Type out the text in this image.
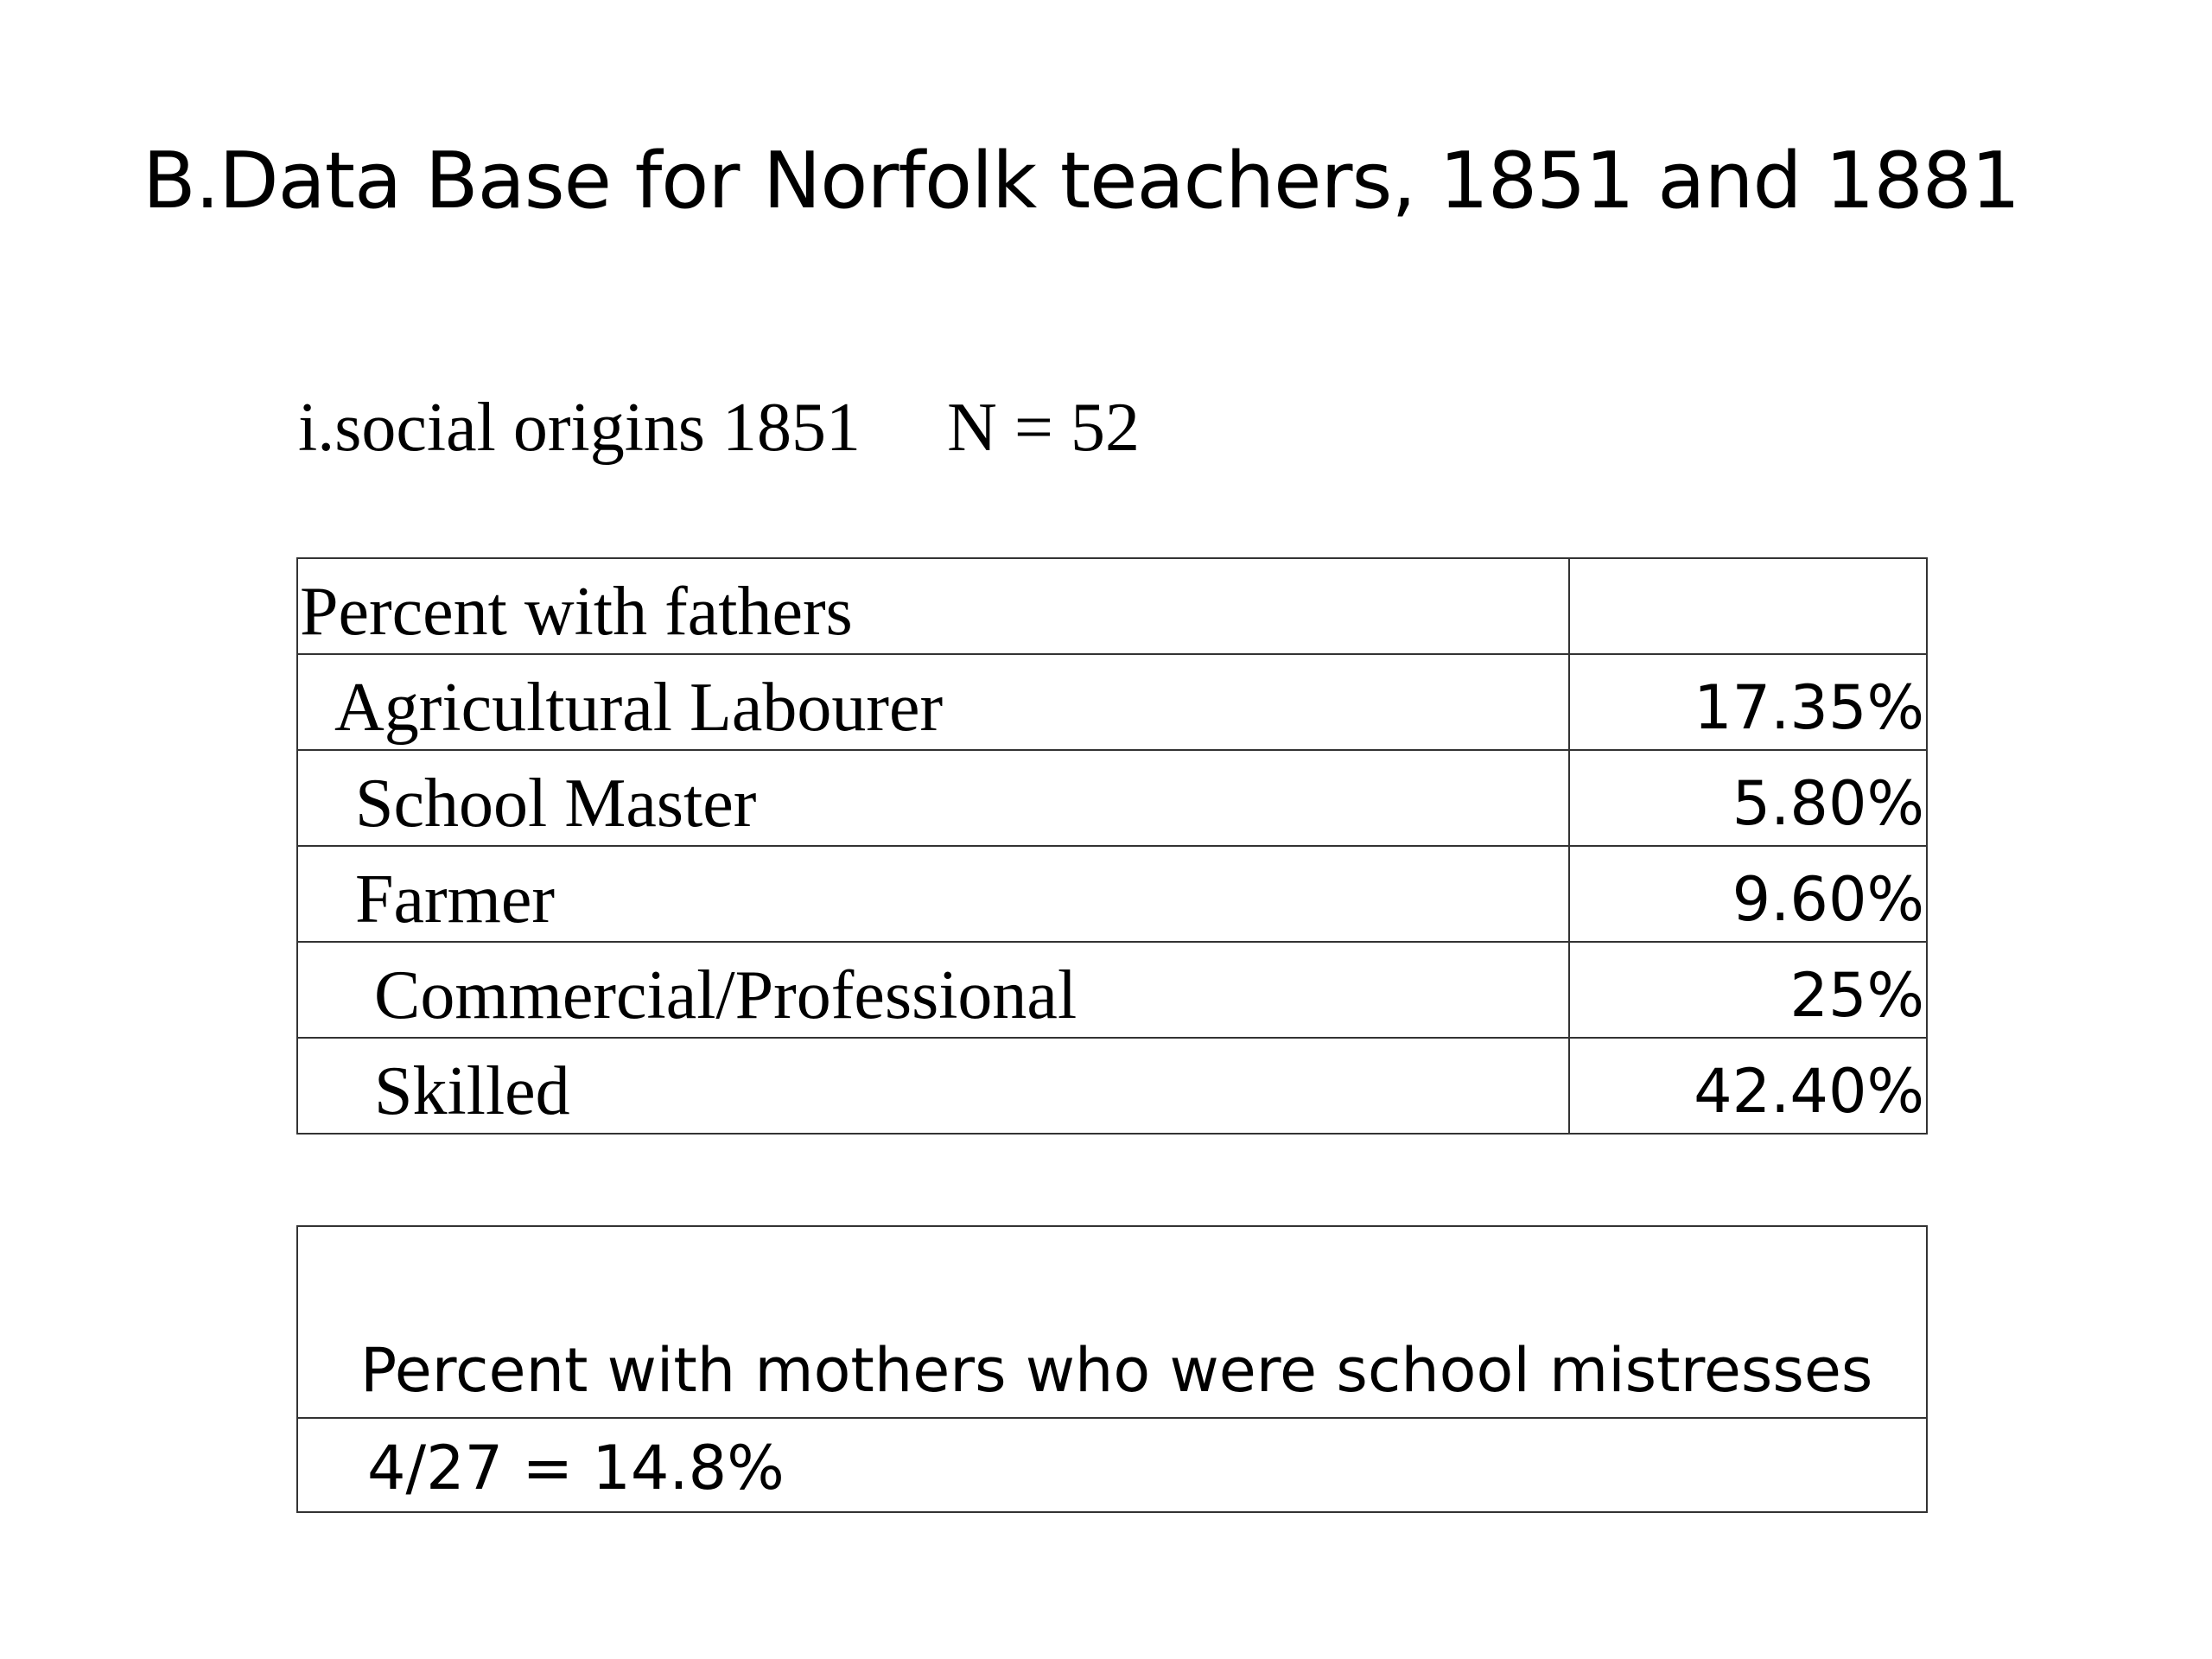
B.Data Base for Norfolk teachers, 1851 and 1881
i.social origins 1851 N = 52
Percent with fathers	
Agricultural Labourer	17.35%
School Master	5.80%
Farmer	9.60%
Commercial/Professional	25%
Skilled	42.40%
Percent with mothers who were school mistresses
4/27 = 14.8%
